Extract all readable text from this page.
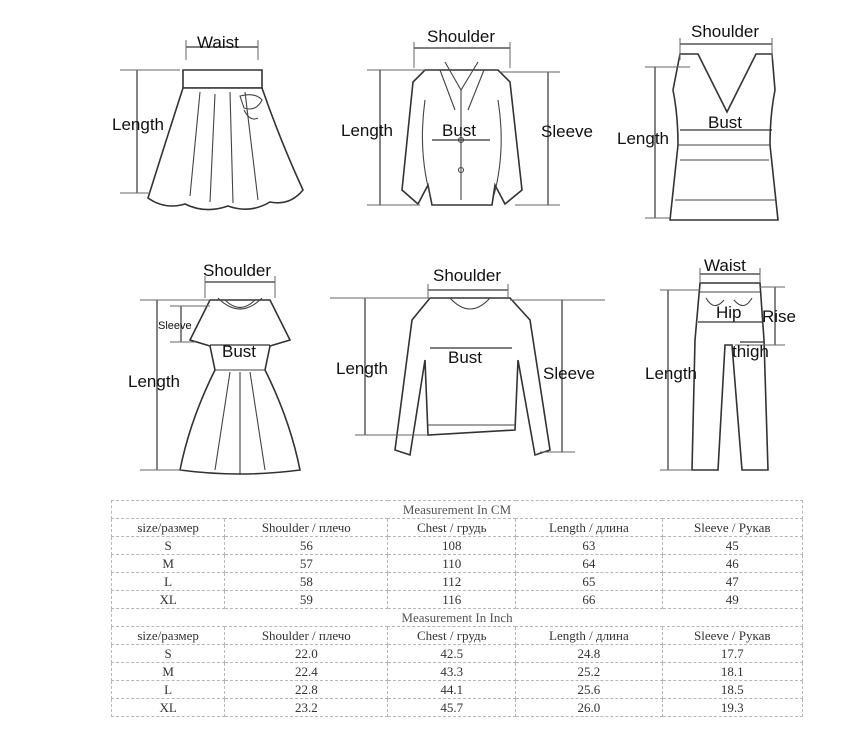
Waist
Length
Shoulder
Length	Bust	Sleeve
Shoulder
Length
Bust
Shoulder
Sleeve
Bust
Length
Shoulder
Length
Bust
Sleeve
Waist
Hip Rise
thigh
Length
Measurement In CM				
size/размер	Shoulder / плечо	Chest / грудь	Length / длина	Sleeve / Рукав
S	56	108	63	45
M	57	110	64	46
L	58	112	65	47
XL	59	116	66	49
Measurement In Inch				
size/размер	Shoulder / плечо	Chest / грудь	Length / длина	Sleeve / Рукав
S	22.0	42.5	24.8	17.7
M	22.4	43.3	25.2	18.1
L	22.8	44.1	25.6	18.5
XL	23.2	45.7	26.0	19.3
